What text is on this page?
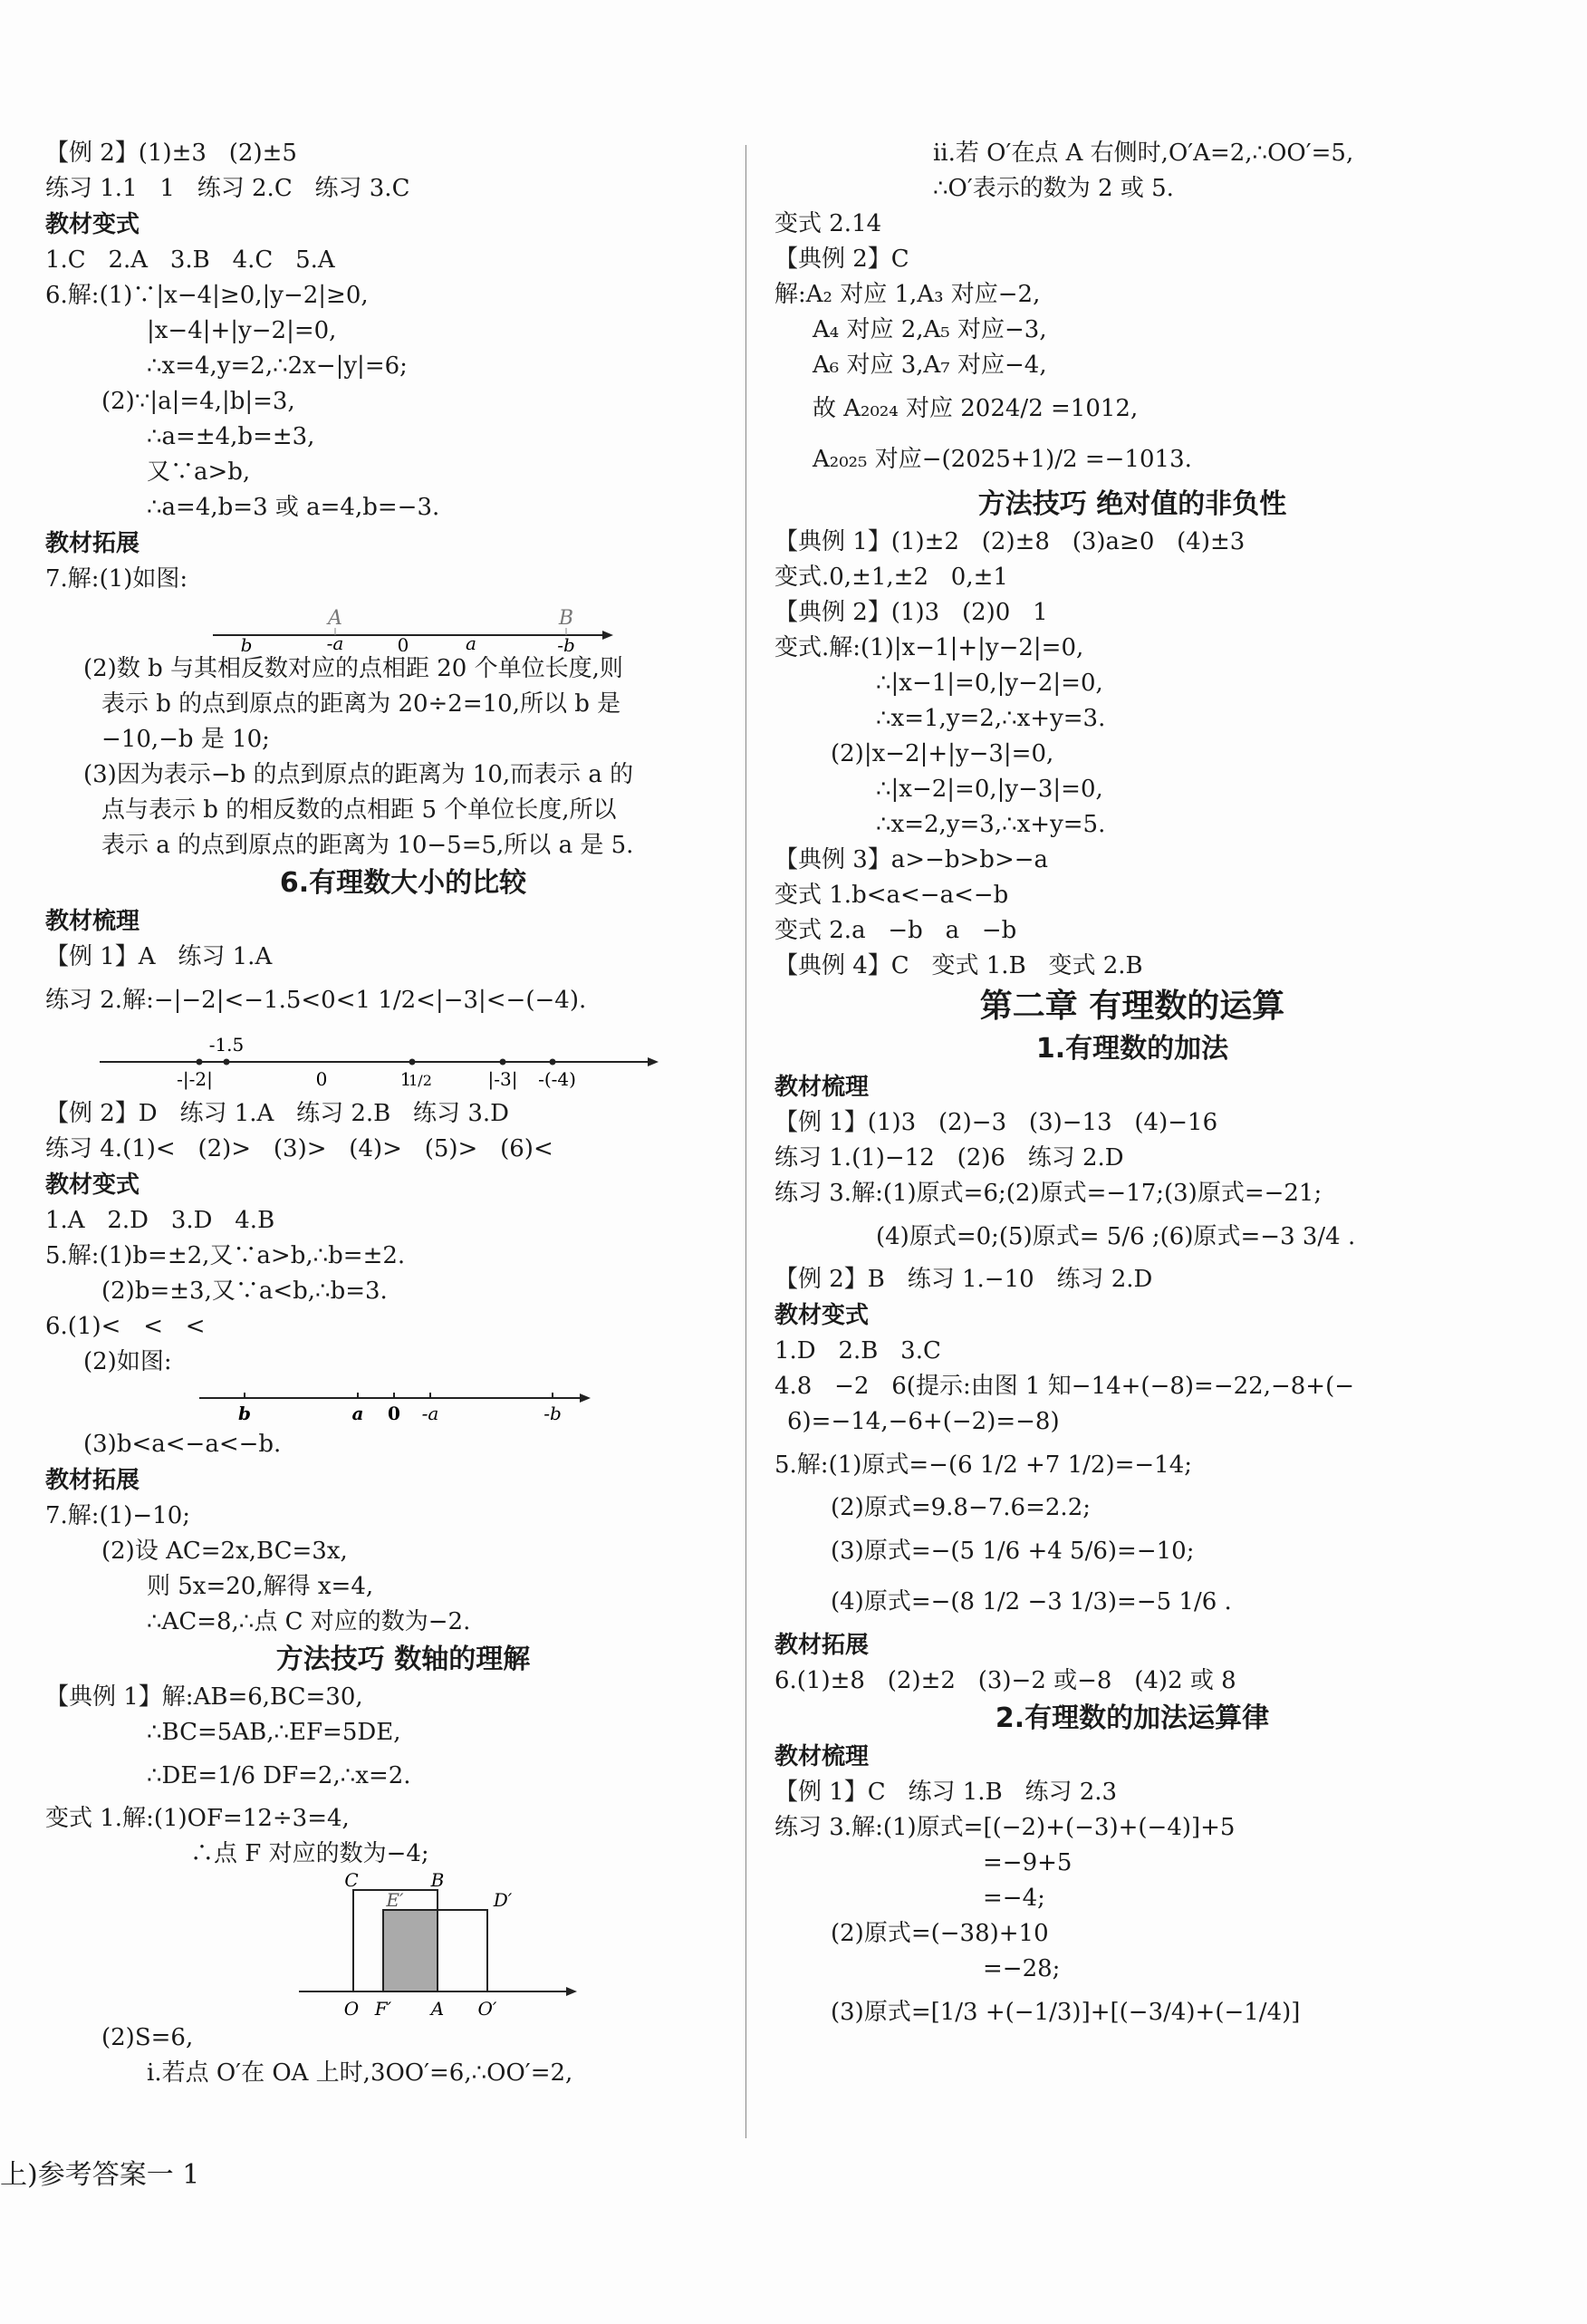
【例 2】(1)±3   (2)±5

练习 1.1   1   练习 2.C   练习 3.C

教材变式

1.C   2.A   3.B   4.C   5.A

6.解:(1)∵|x−4|≥0,|y−2|≥0,

|x−4|+|y−2|=0,

∴x=4,y=2,∴2x−|y|=6;

(2)∵|a|=4,|b|=3,

∴a=±4,b=±3,

又∵a>b,

∴a=4,b=3 或 a=4,b=−3.

教材拓展

7.解:(1)如图:

A	B
b	-a	0	a	-b

(2)数 b 与其相反数对应的点相距 20 个单位长度,则

表示 b 的点到原点的距离为 20÷2=10,所以 b 是

−10,−b 是 10;

(3)因为表示−b 的点到原点的距离为 10,而表示 a 的

点与表示 b 的相反数的点相距 5 个单位长度,所以

表示 a 的点到原点的距离为 10−5=5,所以 a 是 5.

6.有理数大小的比较

教材梳理

【例 1】A   练习 1.A

练习 2.解:−|−2|<−1.5<0<1 1/2<|−3|<−(−4).

-1.5
-|-2|	0	1
1/2	|-3| -(-4)

【例 2】D   练习 1.A   练习 2.B   练习 3.D

练习 4.(1)<   (2)>   (3)>   (4)>   (5)>   (6)<

教材变式

1.A   2.D   3.D   4.B

5.解:(1)b=±2,又∵a>b,∴b=±2.

(2)b=±3,又∵a<b,∴b=3.

6.(1)<   <   <

(2)如图:

b	a 0 -a	-b

(3)b<a<−a<−b.

教材拓展

7.解:(1)−10;

(2)设 AC=2x,BC=3x,

则 5x=20,解得 x=4,

∴AC=8,∴点 C 对应的数为−2.

方法技巧 数轴的理解

【典例 1】解:AB=6,BC=30,

∴BC=5AB,∴EF=5DE,

∴DE=1/6 DF=2,∴x=2.

变式 1.解:(1)OF=12÷3=4,

∴点 F 对应的数为−4;

C	B
E′	D′
O F′ A O′

(2)S=6,

ⅰ.若点 O′在 OA 上时,3OO′=6,∴OO′=2,

ⅱ.若 O′在点 A 右侧时,O′A=2,∴OO′=5,

∴O′表示的数为 2 或 5.

变式 2.14

【典例 2】C

解:A₂ 对应 1,A₃ 对应−2,

A₄ 对应 2,A₅ 对应−3,

A₆ 对应 3,A₇ 对应−4,

故 A₂₀₂₄ 对应 2024/2 =1012,

A₂₀₂₅ 对应−(2025+1)/2 =−1013.

方法技巧 绝对值的非负性

【典例 1】(1)±2   (2)±8   (3)a≥0   (4)±3

变式.0,±1,±2   0,±1

【典例 2】(1)3   (2)0   1

变式.解:(1)|x−1|+|y−2|=0,

∴|x−1|=0,|y−2|=0,

∴x=1,y=2,∴x+y=3.

(2)|x−2|+|y−3|=0,

∴|x−2|=0,|y−3|=0,

∴x=2,y=3,∴x+y=5.

【典例 3】a>−b>b>−a

变式 1.b<a<−a<−b

变式 2.a   −b   a   −b

【典例 4】C   变式 1.B   变式 2.B

第二章 有理数的运算

1.有理数的加法

教材梳理

【例 1】(1)3   (2)−3   (3)−13   (4)−16

练习 1.(1)−12   (2)6   练习 2.D

练习 3.解:(1)原式=6;(2)原式=−17;(3)原式=−21;

(4)原式=0;(5)原式= 5/6 ;(6)原式=−3 3/4 .

【例 2】B   练习 1.−10   练习 2.D

教材变式

1.D   2.B   3.C

4.8   −2   6(提示:由图 1 知−14+(−8)=−22,−8+(−

6)=−14,−6+(−2)=−8)

5.解:(1)原式=−(6 1/2 +7 1/2)=−14;

(2)原式=9.8−7.6=2.2;

(3)原式=−(5 1/6 +4 5/6)=−10;

(4)原式=−(8 1/2 −3 1/3)=−5 1/6 .

教材拓展

6.(1)±8   (2)±2   (3)−2 或−8   (4)2 或 8

2.有理数的加法运算律

教材梳理

【例 1】C   练习 1.B   练习 2.3

练习 3.解:(1)原式=[(−2)+(−3)+(−4)]+5

=−9+5

=−4;

(2)原式=(−38)+10

=−28;

(3)原式=[1/3 +(−1/3)]+[(−3/4)+(−1/4)]

上)参考答案一 1
